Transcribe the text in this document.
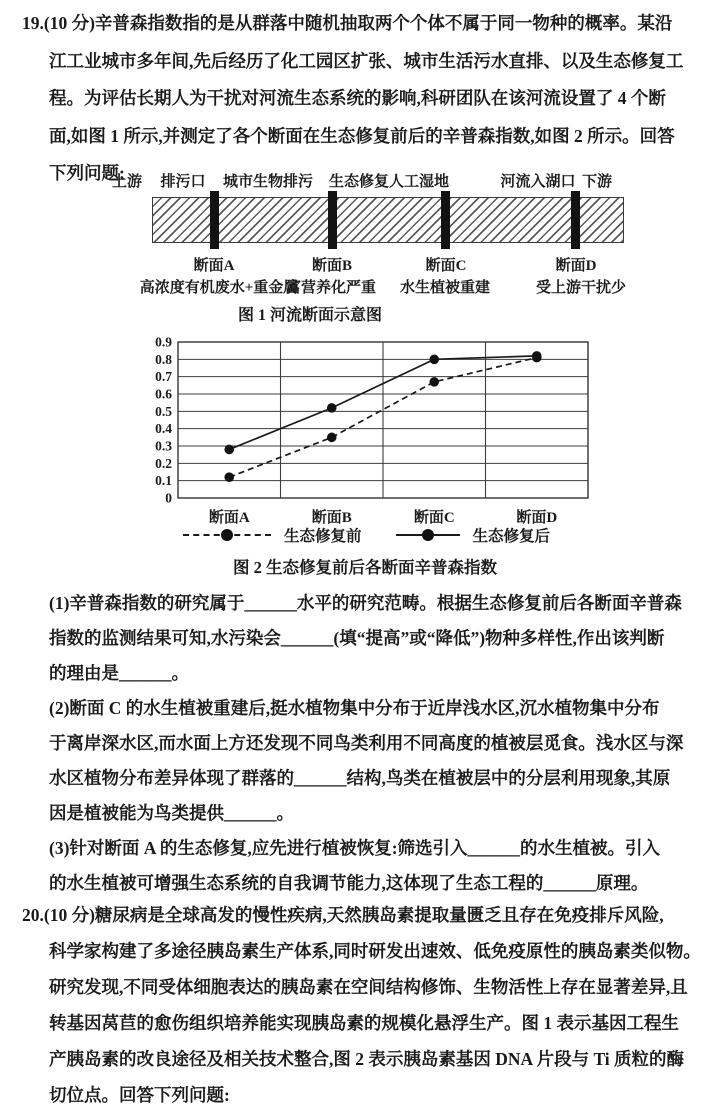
19.(10 分)辛普森指数指的是从群落中随机抽取两个个体不属于同一物种的概率。某沿
江工业城市多年间,先后经历了化工园区扩张、城市生活污水直排、以及生态修复工
程。为评估长期人为干扰对河流生态系统的影响,科研团队在该河流设置了 4 个断
面,如图 1 所示,并测定了各个断面在生态修复前后的辛普森指数,如图 2 所示。回答
下列问题:
上游 排污口 城市生物排污 生态修复人工湿地	河流入湖口 下游
断面A	断面B	断面C	断面D
高浓度有机废水+重金属
富营养化严重 水生植被重建	受上游干扰少
图 1 河流断面示意图
0
0.1
0.2
0.3
0.4
0.5
0.6
0.7
0.8
0.9
断面A	断面B	断面C	断面D
生态修复前	生态修复后
图 2 生态修复前后各断面辛普森指数
(1)辛普森指数的研究属于______水平的研究范畴。根据生态修复前后各断面辛普森
指数的监测结果可知,水污染会______(填“提高”或“降低”)物种多样性,作出该判断
的理由是______。
(2)断面 C 的水生植被重建后,挺水植物集中分布于近岸浅水区,沉水植物集中分布
于离岸深水区,而水面上方还发现不同鸟类利用不同高度的植被层觅食。浅水区与深
水区植物分布差异体现了群落的______结构,鸟类在植被层中的分层利用现象,其原
因是植被能为鸟类提供______。
(3)针对断面 A 的生态修复,应先进行植被恢复:筛选引入______的水生植被。引入
的水生植被可增强生态系统的自我调节能力,这体现了生态工程的______原理。
20.(10 分)糖尿病是全球高发的慢性疾病,天然胰岛素提取量匮乏且存在免疫排斥风险,
科学家构建了多途径胰岛素生产体系,同时研发出速效、低免疫原性的胰岛素类似物。
研究发现,不同受体细胞表达的胰岛素在空间结构修饰、生物活性上存在显著差异,且
转基因莴苣的愈伤组织培养能实现胰岛素的规模化悬浮生产。图 1 表示基因工程生
产胰岛素的改良途径及相关技术整合,图 2 表示胰岛素基因 DNA 片段与 Ti 质粒的酶
切位点。回答下列问题:
